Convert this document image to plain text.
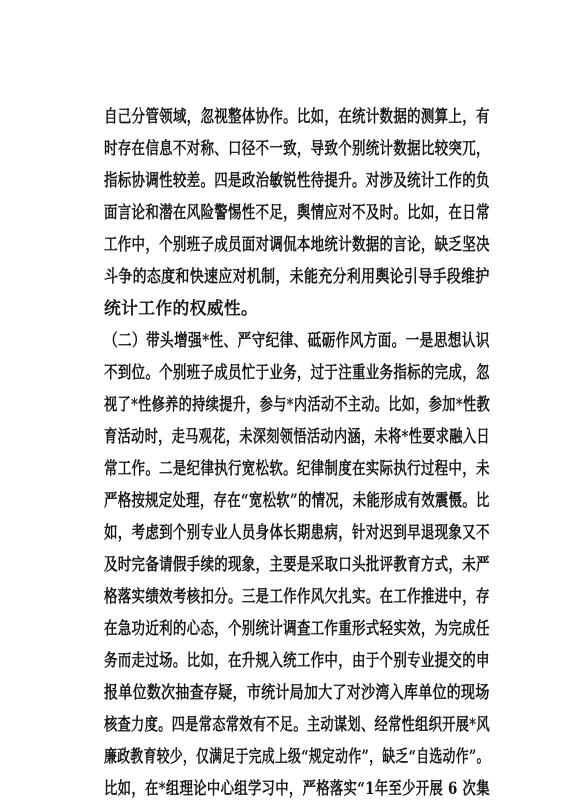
自己分管领域，忽视整体协作。比如，在统计数据的测算上，有

时存在信息不对称、口径不一致，导致个别统计数据比较突兀，

指标协调性较差。四是政治敏锐性待提升。对涉及统计工作的负

面言论和潜在风险警惕性不足，舆情应对不及时。比如，在日常

工作中，个别班子成员面对调侃本地统计数据的言论，缺乏坚决

斗争的态度和快速应对机制，未能充分利用舆论引导手段维护

统计工作的权威性。

（二）带头增强*性、严守纪律、砥砺作风方面。一是思想认识

不到位。个别班子成员忙于业务，过于注重业务指标的完成，忽

视了*性修养的持续提升，参与*内活动不主动。比如，参加*性教

育活动时，走马观花，未深刻领悟活动内涵，未将*性要求融入日

常工作。二是纪律执行宽松软。纪律制度在实际执行过程中，未

严格按规定处理，存在“宽松软”的情况，未能形成有效震慑。比

如，考虑到个别专业人员身体长期患病，针对迟到早退现象又不

及时完备请假手续的现象，主要是采取口头批评教育方式，未严

格落实绩效考核扣分。三是工作作风欠扎实。在工作推进中，存

在急功近利的心态，个别统计调查工作重形式轻实效，为完成任

务而走过场。比如，在升规入统工作中，由于个别专业提交的申

报单位数次抽查存疑，市统计局加大了对沙湾入库单位的现场

核查力度。四是常态常效有不足。主动谋划、经常性组织开展*风

廉政教育较少，仅满足于完成上级“规定动作”，缺乏“自选动作”。

比如，在*组理论中心组学习中，严格落实“1年至少开展 6 次集
